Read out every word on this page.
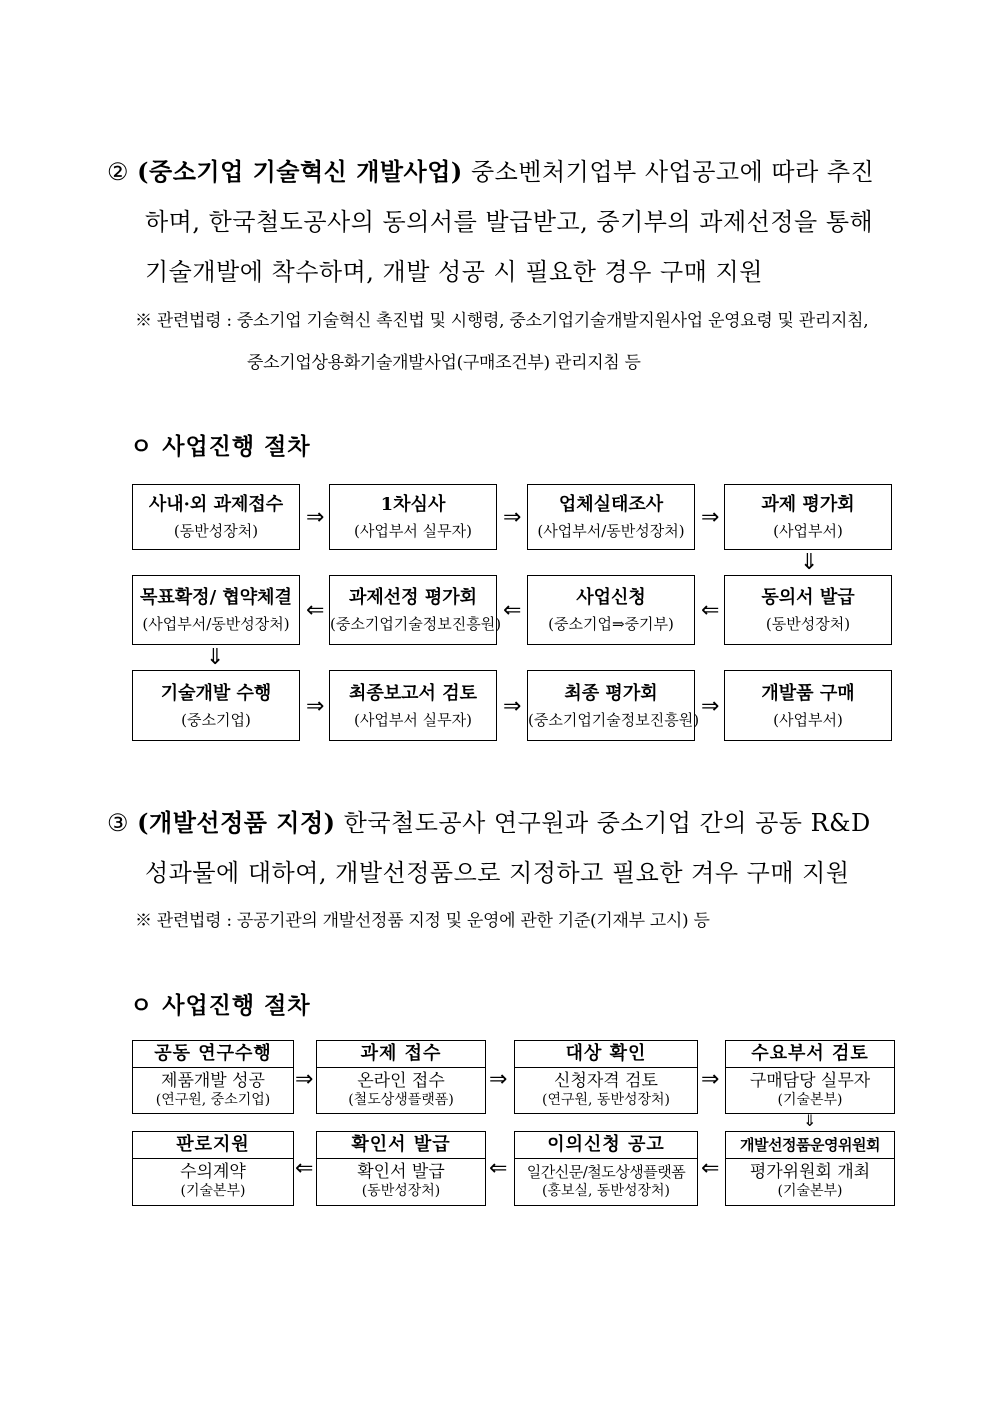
② (중소기업 기술혁신 개발사업) 중소벤처기업부 사업공고에 따라 추진
하며, 한국철도공사의 동의서를 발급받고, 중기부의 과제선정을 통해
기술개발에 착수하며, 개발 성공 시 필요한 경우 구매 지원
※ 관련법령 : 중소기업 기술혁신 촉진법 및 시행령, 중소기업기술개발지원사업 운영요령 및 관리지침,
중소기업상용화기술개발사업(구매조건부) 관리지침 등
ㅇ 사업진행 절차
사내·외 과제접수
(동반성장처)
⇒
1차심사
(사업부서 실무자)
⇒
업체실태조사
(사업부서/동반성장처)
⇒
과제 평가회
(사업부서)
⇓
목표확정/ 협약체결
(사업부서/동반성장처)
⇐
과제선정 평가회
(중소기업기술정보진흥원)
⇐
사업신청
(중소기업⇒중기부)
⇐
동의서 발급
(동반성장처)
⇓
기술개발 수행
(중소기업)
⇒
최종보고서 검토
(사업부서 실무자)
⇒
최종 평가회
(중소기업기술정보진흥원)
⇒
개발품 구매
(사업부서)
③ (개발선정품 지정) 한국철도공사 연구원과 중소기업 간의 공동 R&D
성과물에 대하여, 개발선정품으로 지정하고 필요한 겨우 구매 지원
※ 관련법령 : 공공기관의 개발선정품 지정 및 운영에 관한 기준(기재부 고시) 등
ㅇ 사업진행 절차
공동 연구수행
제품개발 성공
(연구원, 중소기업)
⇒
과제 접수
온라인 접수
(철도상생플랫폼)
⇒
대상 확인
신청자격 검토
(연구원, 동반성장처)
⇒
수요부서 검토
구매담당 실무자
(기술본부)
⇓
판로지원
수의계약
(기술본부)
⇐
확인서 발급
확인서 발급
(동반성장처)
⇐
이의신청 공고
일간신문/철도상생플랫폼
(홍보실, 동반성장처)
⇐
개발선정품운영위원회
평가위원회 개최
(기술본부)
